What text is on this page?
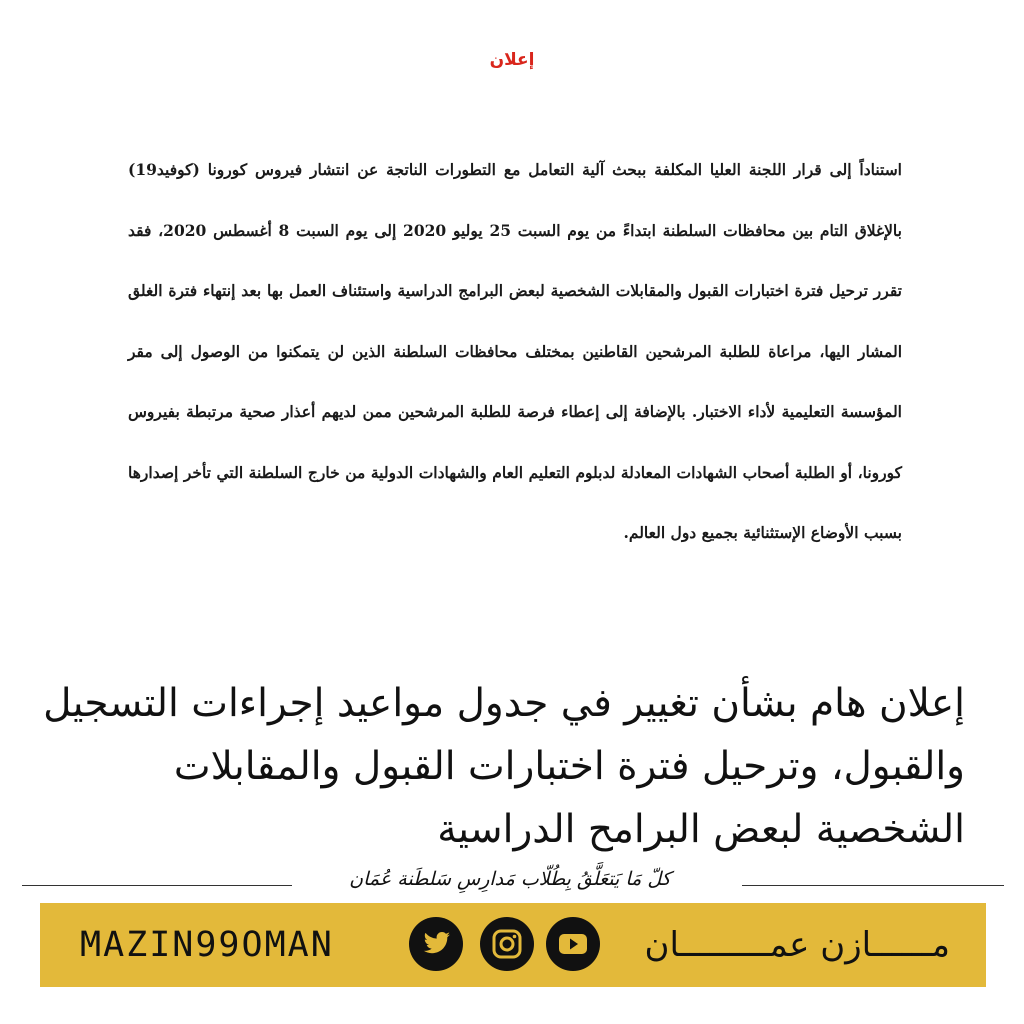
إعلان
استناداً إلى قرار اللجنة العليا المكلفة ببحث آلية التعامل مع التطورات الناتجة عن انتشار فيروس كورونا (كوفيد19) بالإغلاق التام بين محافظات السلطنة ابتداءً من يوم السبت 25 يوليو 2020 إلى يوم السبت 8 أغسطس 2020، فقد تقرر ترحيل فترة اختبارات القبول والمقابلات الشخصية لبعض البرامج الدراسية واستئناف العمل بها بعد إنتهاء فترة الغلق المشار اليها، مراعاة للطلبة المرشحين القاطنين بمختلف محافظات السلطنة الذين لن يتمكنوا من الوصول إلى مقر المؤسسة التعليمية لأداء الاختبار. بالإضافة إلى إعطاء فرصة للطلبة المرشحين ممن لديهم أعذار صحية مرتبطة بفيروس كورونا، أو الطلبة أصحاب الشهادات المعادلة لدبلوم التعليم العام والشهادات الدولية من خارج السلطنة التي تأخر إصدارها بسبب الأوضاع الإستثنائية بجميع دول العالم.
إعلان هام بشأن تغيير في جدول مواعيد إجراءات التسجيل والقبول، وترحيل فترة اختبارات القبول والمقابلات الشخصية لبعض البرامح الدراسية
كلّ مَا يَتعَلَّقُ بِطُلّاب مَدارِسِ سَلطَنة عُمَان
MAZIN99OMAN	مــــــازن عمـــــــــان
